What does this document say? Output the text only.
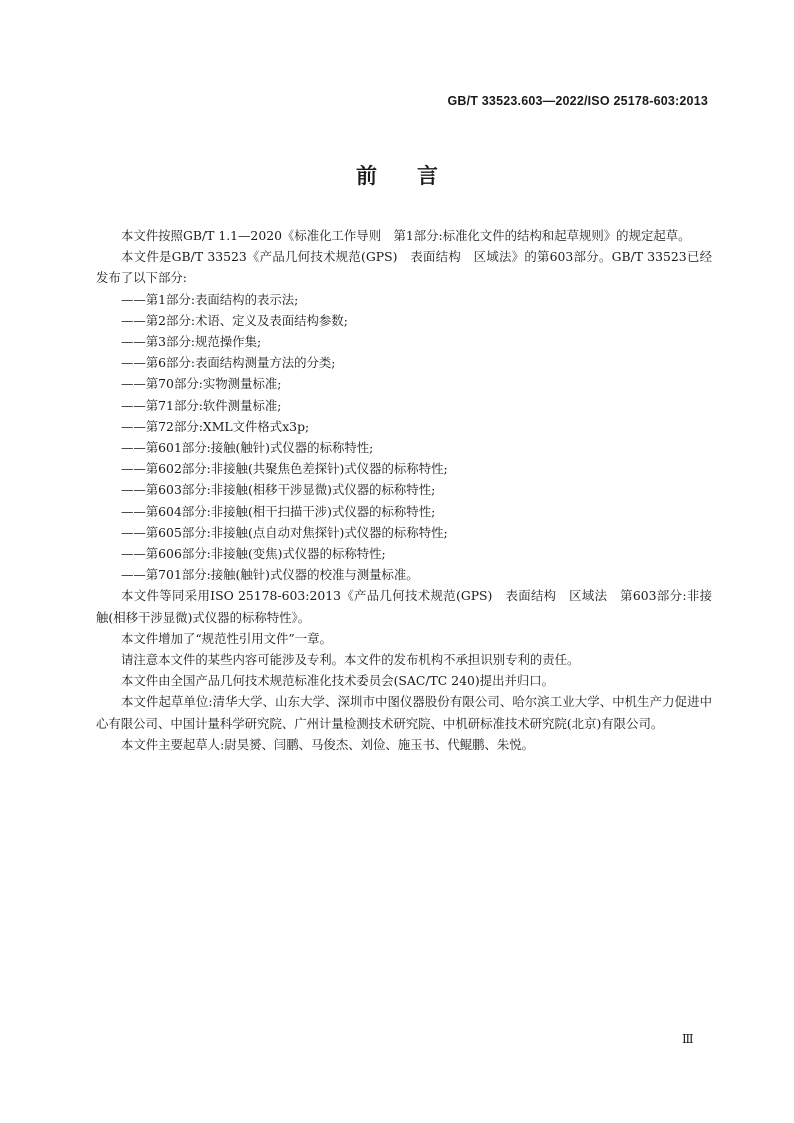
GB/T 33523.603—2022/ISO 25178-603:2013
前言

本文件按照GB/T 1.1—2020《标准化工作导则　第1部分:标准化文件的结构和起草规则》的规定起草。

本文件是GB/T 33523《产品几何技术规范(GPS)　表面结构　区域法》的第603部分。GB/T 33523已经发布了以下部分:

——第1部分:表面结构的表示法;
——第2部分:术语、定义及表面结构参数;
——第3部分:规范操作集;
——第6部分:表面结构测量方法的分类;
——第70部分:实物测量标准;
——第71部分:软件测量标准;
——第72部分:XML文件格式x3p;
——第601部分:接触(触针)式仪器的标称特性;
——第602部分:非接触(共聚焦色差探针)式仪器的标称特性;
——第603部分:非接触(相移干涉显微)式仪器的标称特性;
——第604部分:非接触(相干扫描干涉)式仪器的标称特性;
——第605部分:非接触(点自动对焦探针)式仪器的标称特性;
——第606部分:非接触(变焦)式仪器的标称特性;
——第701部分:接触(触针)式仪器的校准与测量标准。

本文件等同采用ISO 25178-603:2013《产品几何技术规范(GPS)　表面结构　区域法　第603部分:非接触(相移干涉显微)式仪器的标称特性》。

本文件增加了“规范性引用文件”一章。

请注意本文件的某些内容可能涉及专利。本文件的发布机构不承担识别专利的责任。

本文件由全国产品几何技术规范标准化技术委员会(SAC/TC 240)提出并归口。

本文件起草单位:清华大学、山东大学、深圳市中图仪器股份有限公司、哈尔滨工业大学、中机生产力促进中心有限公司、中国计量科学研究院、广州计量检测技术研究院、中机研标准技术研究院(北京)有限公司。

本文件主要起草人:尉昊赟、闫鹏、马俊杰、刘俭、施玉书、代鲲鹏、朱悦。

Ⅲ
